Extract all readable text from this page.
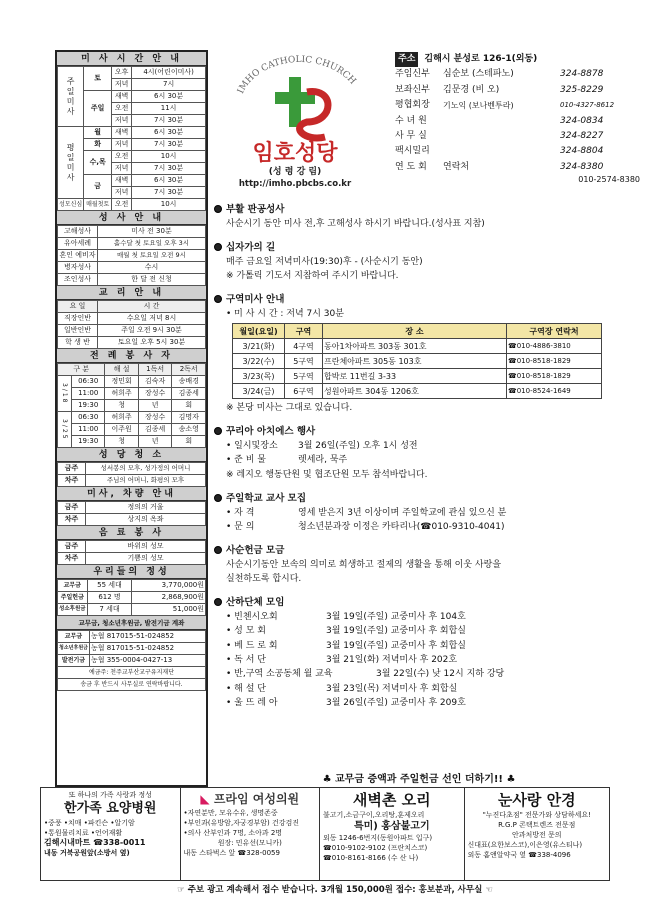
미 사 시 간 안 내
주일미사	토	오후	4시(어린이미사)
		저녁	7시
	주일	새벽	6시 30분
		오전	11시
		저녁	7시 30분
평일미사	월	새벽	6시 30분
	화	저녁	7시 30분
	수,목	오전	10시
		저녁	7시 30분
	금	새벽	6시 30분
		저녁	7시 30분
성모신심	매월첫토	오전	10시
성 사 안 내
고해성사	미사 전 30분
유아세례	홀수달 첫 토요일 오후 3시
혼인 예비자	매월 첫 토요일 오전 9시
병자성사	수시
조인성사	한 달 전 신청
교 리 안 내
요 일	시 간
직장인반	수요일 저녁 8시
일반인반	주일 오전 9시 30분
학 생 반	토요일 오후 5시 30분
전 례 봉 사 자
구 분		해 설	1독서	2독서
3/18	06:30	정민회	김숙자	송배경
	11:00	허희주	장성수	김종세
	19:30	청	년	회
3/25	06:30	허희주	장성수	김명자
	11:00	이주원	김종세	송소영
	19:30	청	년	회
성 당 청 소
금주	성서봉의 모후, 성가정의 어머니
차주	주님의 어머니, 화평의 모후
미사, 차량 안내
금주	정의의 거울
차주	상지의 옥좌
음 료 봉 사
금주	바위의 성모
차주	기쁨의 성모
우리들의 정성
교무금	55 세대	3,770,000원
주일헌금	612 명	2,868,900원
성소후원금	7 세대	51,000원
교무금, 청소년후원금, 발전기금 계좌
교무금	농협 817015-51-024852
청소년후원금	농협 817015-51-024852
발전기금	농협 355-0004-0427-13
예금주: 천주교부산교구유지재단	
송금 후 반드시 사무실로 연락바랍니다.	
IMHO CATHOLIC CHURCH
임호성당
(성 령 강 림)
http://imho.pbcbs.co.kr
주소	김해시 분성로 126-1(외동)
주임신부	심순보 (스테파노)	324-8878
보좌신부	김문경 (비 오)	325-8229
평협회장	기노익 (보나벤투라)	010-4327-8612
수 녀 원	324-0834
사 무 실	324-8227
팩시밀리	324-8804
연 도 회	연락처	324-8380
010-2574-8380
부활 판공성사
사순시기 동안 미사 전,후 고해성사 하시기 바랍니다.(성사표 지참)
십자가의 길
매주 금요일 저녁미사(19:30)후 - (사순시기 동안)
※ 가톨릭 기도서 지참하여 주시기 바랍니다.
구역미사 안내
• 미 사 시 간 : 저녁 7시 30분
월일(요일)	구역	장 소	구역장 연락처
3/21(화)	4구역	동아1차아파트 303동 301호	☎010-4886-3810
3/22(수)	5구역	프란체아파트 305동 103호	☎010-8518-1829
3/23(목)	5구역	합박로 11번길 3-33	☎010-8518-1829
3/24(금)	6구역	성원아파트 304동 1206호	☎010-8524-1649
※ 본당 미사는 그대로 있습니다.
꾸리아 아치에스 행사
• 일시및장소	3월 26일(주일) 오후 1시 성전
• 준 비 물	렛세라, 묵주
※ 레지오 행동단원 및 협조단원 모두 참석바랍니다.
주일학교 교사 모집
• 자 격	영세 받은지 3년 이상이며 주일학교에 관심 있으신 분
• 문 의	청소년분과장 이정은 카타리나(☎010-9310-4041)
사순헌금 모금
사순시기동안 보속의 의미로 희생하고 절제의 생활을 통해 이웃 사랑을
실천하도록 합시다.
산하단체 모임
• 빈첸시오회	3월 19일(주일) 교중미사 후 104호
• 성 모 회	3월 19일(주일) 교중미사 후 회합실
• 베 드 로 회	3월 19일(주일) 교중미사 후 회합실
• 독 서 단	3월 21일(화) 저녁미사 후 202호
• 반,구역 소공동체 월 교육	3월 22일(수) 낮 12시 지하 강당
• 해 설 단	3월 23일(목) 저녁미사 후 회합실
• 울 뜨 레 아	3월 26일(주일) 교중미사 후 209호
♣ 교무금 증액과 주일헌금 선인 더하기!! ♣
또 하나의 가족 사랑과 정성
한가족 요양병원
•중풍 •치매 •파킨슨 •알기암
•통원물리치료 •언어재활
김해시내마트 ☎338-0011
내동 거북공원앞(소방서 옆)
◣ 프라임 여성의원
•자연분만, 모유수유, 생명존중
•부인과(유방암,자궁경부암) 건강검진
•의사 산부인과 7명, 소아과 2명
원장: 민유선(모니카)
내동 스타벅스 앞 ☎328-0059
새벽촌 오리
불고기,소금구이,오리탕,훈제오리
특미) 홍삼불고기
외동 1246-6번지(동원아파트 입구)
☎010-9102-9102 (프란치스코)
☎010-8161-8166 (수 산 나)
눈사랑 안경
"누진다초점" 전문가와 상담하세요!
R.G.P 콘택트렌즈 전문점
안과처방전 문의
신대표(요한보스코),이은영(유스티나)
외동 홈앤알약국 옆 ☎338-4096
☞ 주보 광고 계속해서 접수 받습니다. 3개월 150,000원 접수: 홍보분과, 사무실 ☜
